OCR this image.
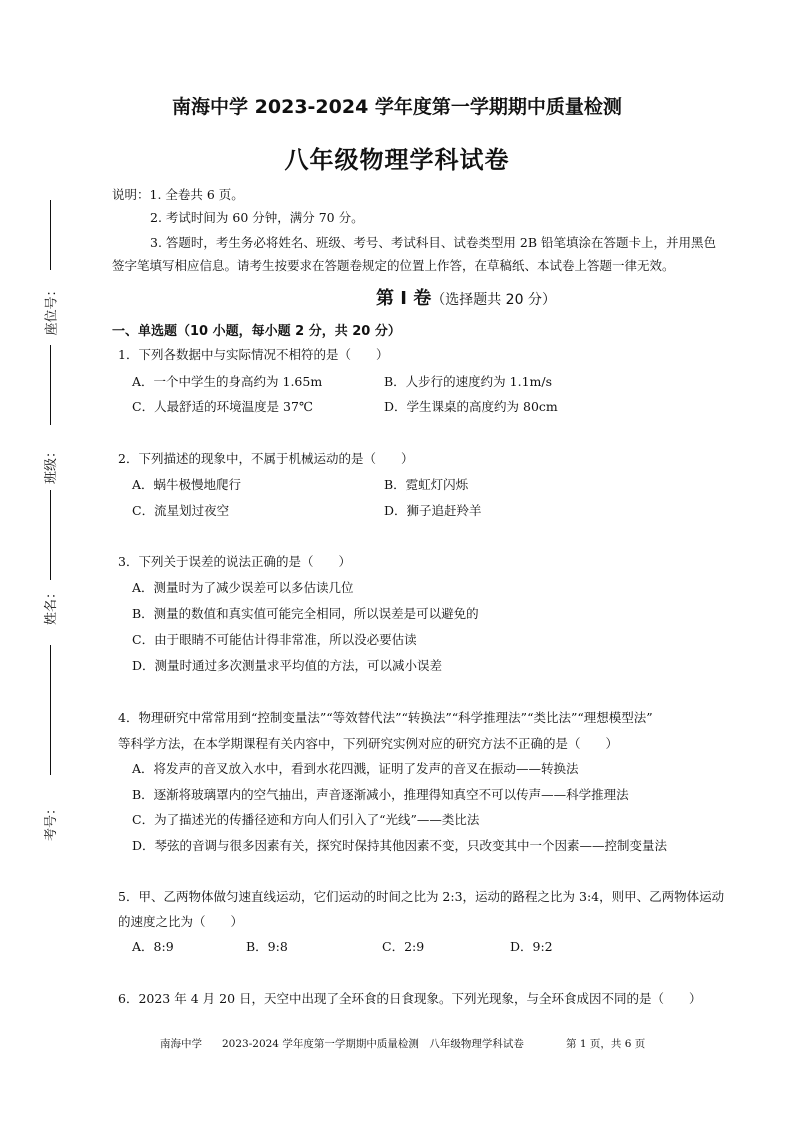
座位号：
班级：
姓名：
考号：
南海中学 2023-2024 学年度第一学期期中质量检测
八年级物理学科试卷
说明：1. 全卷共 6 页。
2. 考试时间为 60 分钟，满分 70 分。
3. 答题时，考生务必将姓名、班级、考号、考试科目、试卷类型用 2B 铅笔填涂在答题卡上，并用黑色
签字笔填写相应信息。请考生按要求在答题卷规定的位置上作答，在草稿纸、本试卷上答题一律无效。
第 I 卷（选择题共 20 分）
一、单选题（10 小题，每小题 2 分，共 20 分）
1．下列各数据中与实际情况不相符的是（　　）
A．一个中学生的身高约为 1.65m	B．人步行的速度约为 1.1m/s
C．人最舒适的环境温度是 37℃	D．学生课桌的高度约为 80cm
2．下列描述的现象中，不属于机械运动的是（　　）
A．蜗牛极慢地爬行	B．霓虹灯闪烁
C．流星划过夜空	D．狮子追赶羚羊
3．下列关于误差的说法正确的是（　　）
A．测量时为了减少误差可以多估读几位
B．测量的数值和真实值可能完全相同，所以误差是可以避免的
C．由于眼睛不可能估计得非常准，所以没必要估读
D．测量时通过多次测量求平均值的方法，可以减小误差
4．物理研究中常常用到“控制变量法”“等效替代法”“转换法”“科学推理法”“类比法”“理想模型法”
等科学方法，在本学期课程有关内容中，下列研究实例对应的研究方法不正确的是（　　）
A．将发声的音叉放入水中，看到水花四溅，证明了发声的音叉在振动——转换法
B．逐渐将玻璃罩内的空气抽出，声音逐渐减小，推理得知真空不可以传声——科学推理法
C．为了描述光的传播径迹和方向人们引入了“光线”——类比法
D．琴弦的音调与很多因素有关，探究时保持其他因素不变，只改变其中一个因素——控制变量法
5．甲、乙两物体做匀速直线运动，它们运动的时间之比为 2:3，运动的路程之比为 3:4，则甲、乙两物体运动
的速度之比为（　　）
A．8:9	B．9:8	C．2:9	D．9:2
6．2023 年 4 月 20 日，天空中出现了全环食的日食现象。下列光现象，与全环食成因不同的是（　　）
南海中学 2023-2024 学年度第一学期期中质量检测　八年级物理学科试卷	第 1 页，共 6 页
